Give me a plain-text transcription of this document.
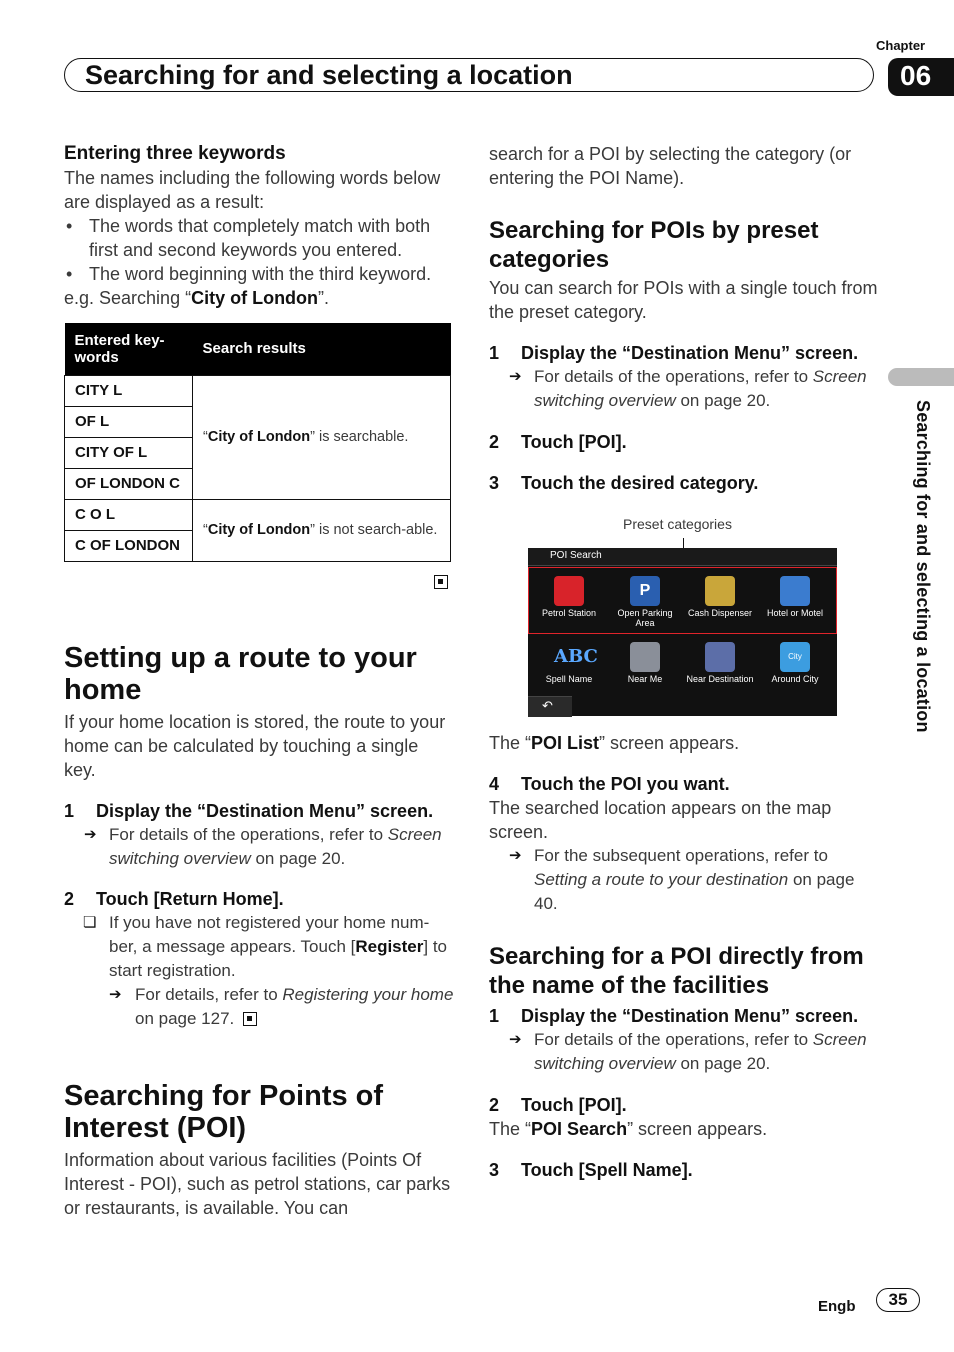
Chapter
Searching for and selecting a location	06
Searching for and selecting a location
Entering three keywords
The names including the following words below are displayed as a result:
• The words that completely match with both first and second keywords you entered.
• The word beginning with the third keyword.
e.g. Searching “City of London”.
Entered key-words	Search results
CITY L	“City of London” is searchable.
OF L	
CITY OF L	
OF LONDON C	
C O L	“City of London” is not search-able.
C OF LONDON	
Setting up a route to your home
If your home location is stored, the route to your home can be calculated by touching a single key.
1 Display the “Destination Menu” screen.
➔ For details of the operations, refer to Screen switching overview on page 20.
2 Touch [Return Home].
❏ If you have not registered your home num-ber, a message appears. Touch [Register] to start registration.
➔ For details, refer to Registering your home on page 127.
Searching for Points of Interest (POI)
Information about various facilities (Points Of Interest - POI), such as petrol stations, car parks or restaurants, is available. You can
search for a POI by selecting the category (or entering the POI Name).
Searching for POIs by preset categories
You can search for POIs with a single touch from the preset category.
1 Display the “Destination Menu” screen.
➔ For details of the operations, refer to Screen switching overview on page 20.
2 Touch [POI].
3 Touch the desired category.
Preset categories
POI Search
Petrol Station
P
Open Parking Area
Cash Dispenser	Hotel or Motel
ABC
Spell Name	Near Me	Near Destination
City
Around City
↶
The “POI List” screen appears.
4 Touch the POI you want.
The searched location appears on the map screen.
➔ For the subsequent operations, refer to Setting a route to your destination on page 40.
Searching for a POI directly from the name of the facilities
1 Display the “Destination Menu” screen.
➔ For details of the operations, refer to Screen switching overview on page 20.
2 Touch [POI].
The “POI Search” screen appears.
3 Touch [Spell Name].
Engb	35
